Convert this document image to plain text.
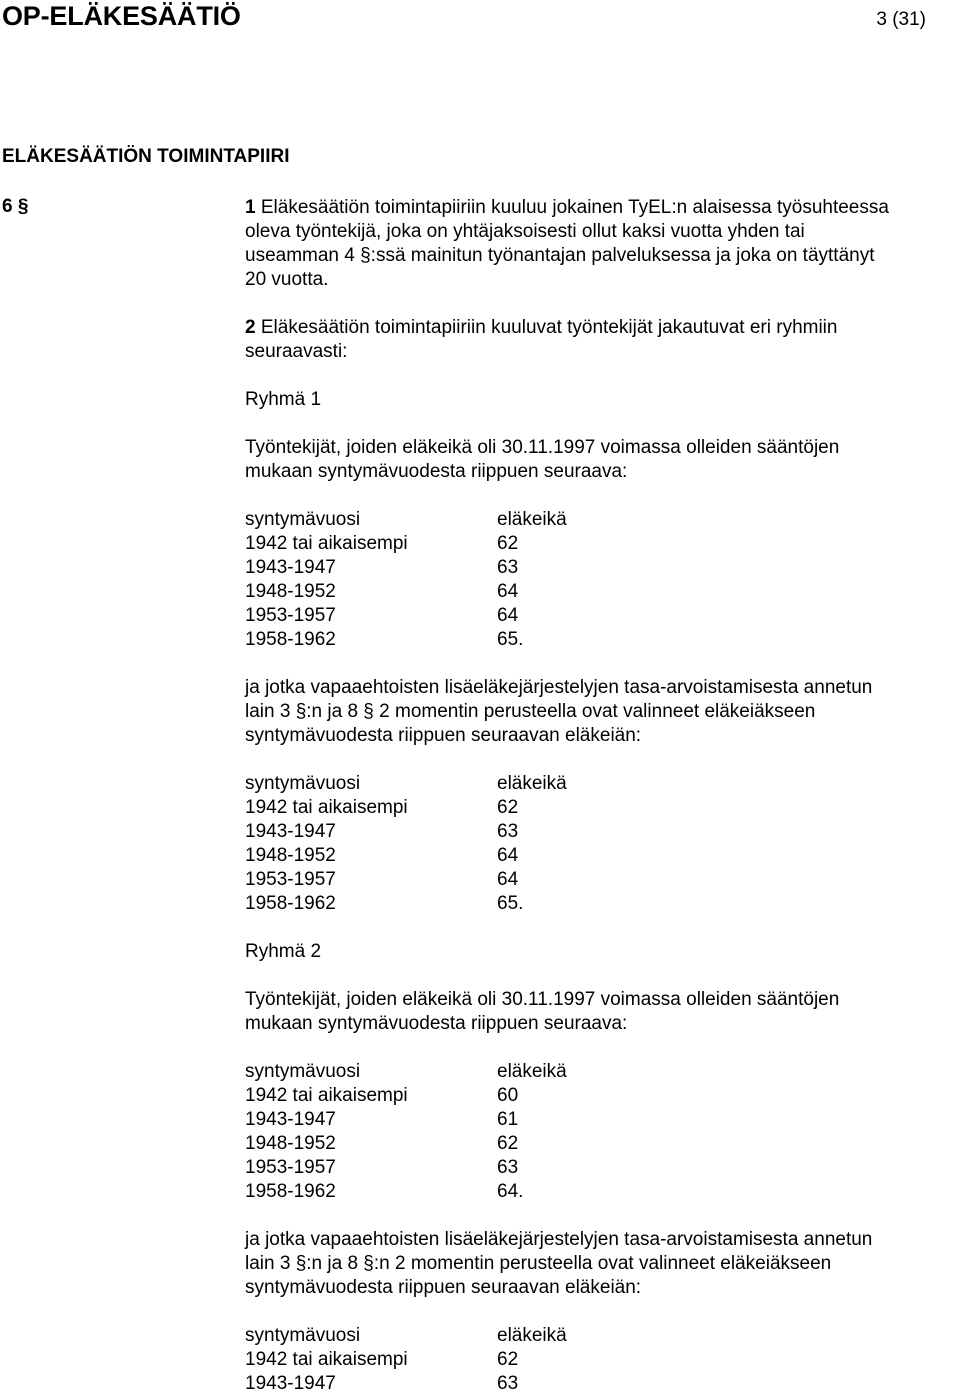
OP-ELÄKESÄÄTIÖ	3 (31)
ELÄKESÄÄTIÖN TOIMINTAPIIRI
6 §	1 Eläkesäätiön toimintapiiriin kuuluu jokainen TyEL:n alaisessa työsuhteessa

oleva työntekijä, joka on yhtäjaksoisesti ollut kaksi vuotta yhden tai

useamman 4 §:ssä mainitun työnantajan palveluksessa ja joka on täyttänyt

20 vuotta.

2 Eläkesäätiön toimintapiiriin kuuluvat työntekijät jakautuvat eri ryhmiin

seuraavasti:

Ryhmä 1

Työntekijät, joiden eläkeikä oli 30.11.1997 voimassa olleiden sääntöjen

mukaan syntymävuodesta riippuen seuraava:

syntymävuosi	eläkeikä
1942 tai aikaisempi	62
1943-1947	63
1948-1952	64
1953-1957	64
1958-1962	65.

ja jotka vapaaehtoisten lisäeläkejärjestelyjen tasa-arvoistamisesta annetun

lain 3 §:n ja 8 § 2 momentin perusteella ovat valinneet eläkeiäkseen

syntymävuodesta riippuen seuraavan eläkeiän:

syntymävuosi	eläkeikä
1942 tai aikaisempi	62
1943-1947	63
1948-1952	64
1953-1957	64
1958-1962	65.

Ryhmä 2

Työntekijät, joiden eläkeikä oli 30.11.1997 voimassa olleiden sääntöjen

mukaan syntymävuodesta riippuen seuraava:

syntymävuosi	eläkeikä
1942 tai aikaisempi	60
1943-1947	61
1948-1952	62
1953-1957	63
1958-1962	64.

ja jotka vapaaehtoisten lisäeläkejärjestelyjen tasa-arvoistamisesta annetun

lain 3 §:n ja 8 §:n 2 momentin perusteella ovat valinneet eläkeiäkseen

syntymävuodesta riippuen seuraavan eläkeiän:

syntymävuosi	eläkeikä
1942 tai aikaisempi	62
1943-1947	63
